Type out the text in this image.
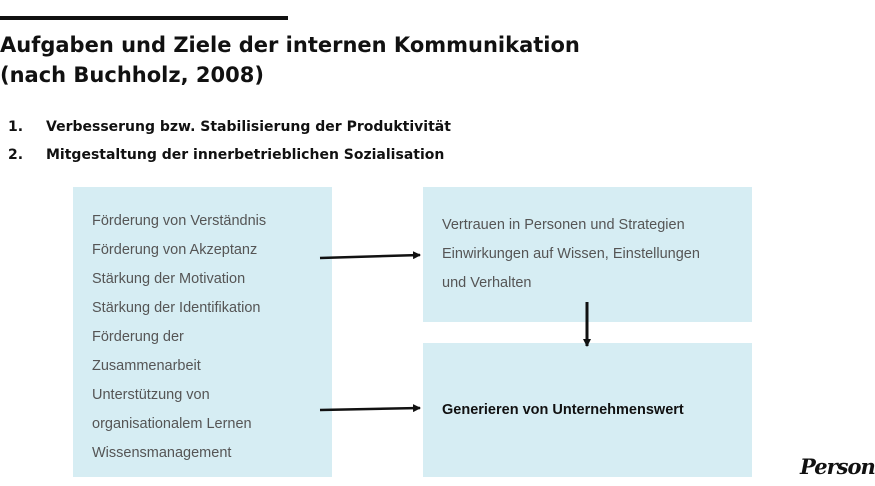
Aufgaben und Ziele der internen Kommunikation
(nach Buchholz, 2008)
1.	Verbesserung bzw. Stabilisierung der Produktivität
2.	Mitgestaltung der innerbetrieblichen Sozialisation
Förderung von Verständnis
Förderung von Akzeptanz
Stärkung der Motivation
Stärkung der Identifikation
Förderung der
Zusammenarbeit
Unterstützung von
organisationalem Lernen
Wissensmanagement
Vertrauen in Personen und Strategien
Einwirkungen auf Wissen, Einstellungen
und Verhalten
Generieren von Unternehmenswert
Person
